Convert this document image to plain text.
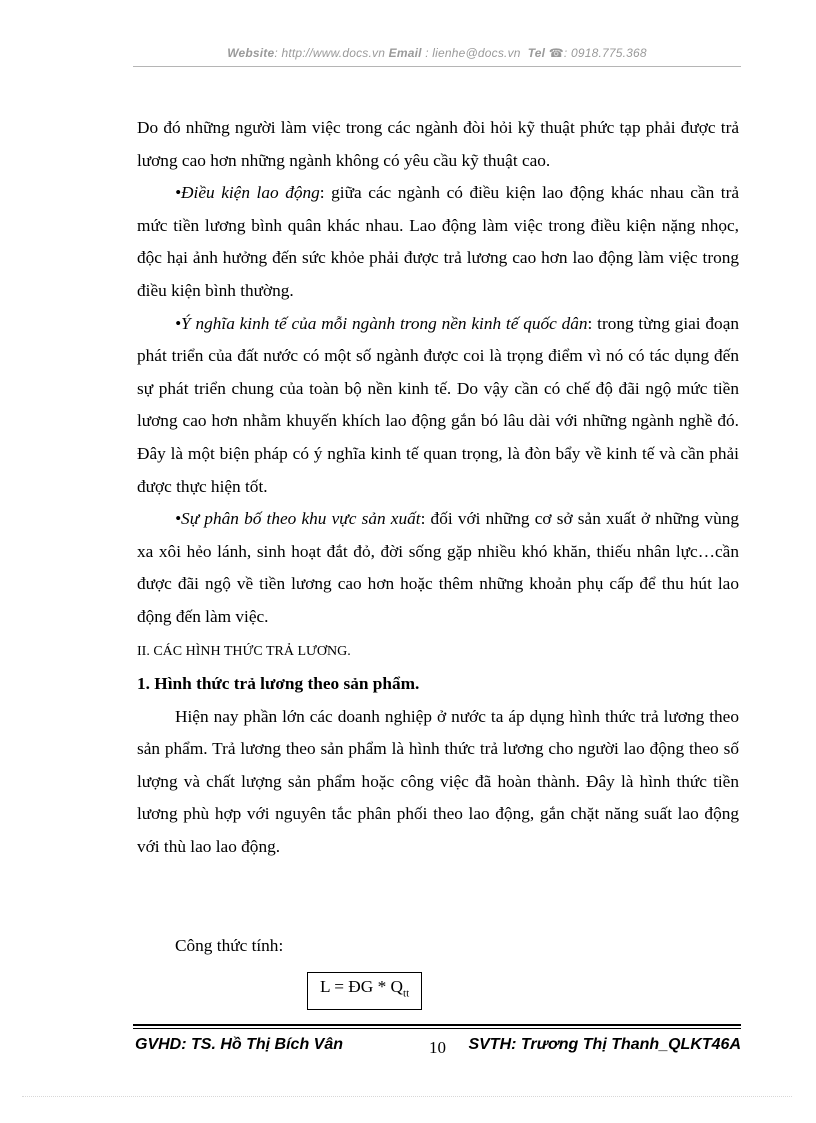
Website: http://www.docs.vn Email : lienhe@docs.vn Tel ☎: 0918.775.368

Do đó những người làm việc trong các ngành đòi hỏi kỹ thuật phức tạp phải được trả lương cao hơn những ngành không có yêu cầu kỹ thuật cao.

•Điều kiện lao động: giữa các ngành có điều kiện lao động khác nhau cần trả mức tiền lương bình quân khác nhau. Lao động làm việc trong điều kiện nặng nhọc, độc hại ảnh hưởng đến sức khỏe phải được trả lương cao hơn lao động làm việc trong điều kiện bình thường.

•Ý nghĩa kinh tế của mỗi ngành trong nền kinh tế quốc dân: trong từng giai đoạn phát triển của đất nước có một số ngành được coi là trọng điểm vì nó có tác dụng đến sự phát triển chung của toàn bộ nền kinh tế. Do vậy cần có chế độ đãi ngộ mức tiền lương cao hơn nhằm khuyến khích lao động gắn bó lâu dài với những ngành nghề đó. Đây là một biện pháp có ý nghĩa kinh tế quan trọng, là đòn bẩy về kinh tế và cần phải được thực hiện tốt.

•Sự phân bố theo khu vực sản xuất: đối với những cơ sở sản xuất ở những vùng xa xôi hẻo lánh, sinh hoạt đắt đỏ, đời sống gặp nhiều khó khăn, thiếu nhân lực…cần được đãi ngộ về tiền lương cao hơn hoặc thêm những khoản phụ cấp để thu hút lao động đến làm việc.

II. CÁC HÌNH THỨC TRẢ LƯƠNG.

1. Hình thức trả lương theo sản phẩm.

Hiện nay phần lớn các doanh nghiệp ở nước ta áp dụng hình thức trả lương theo sản phẩm. Trả lương theo sản phẩm là hình thức trả lương cho người lao động theo số lượng và chất lượng sản phẩm hoặc công việc đã hoàn thành. Đây là hình thức tiền lương phù hợp với nguyên tắc phân phối theo lao động, gắn chặt năng suất lao động với thù lao lao động.

Công thức tính:

L = ĐG * $Q_{tt}$
GVHD: TS. Hồ Thị Bích Vân	10 SVTH: Trương Thị Thanh_QLKT46A
